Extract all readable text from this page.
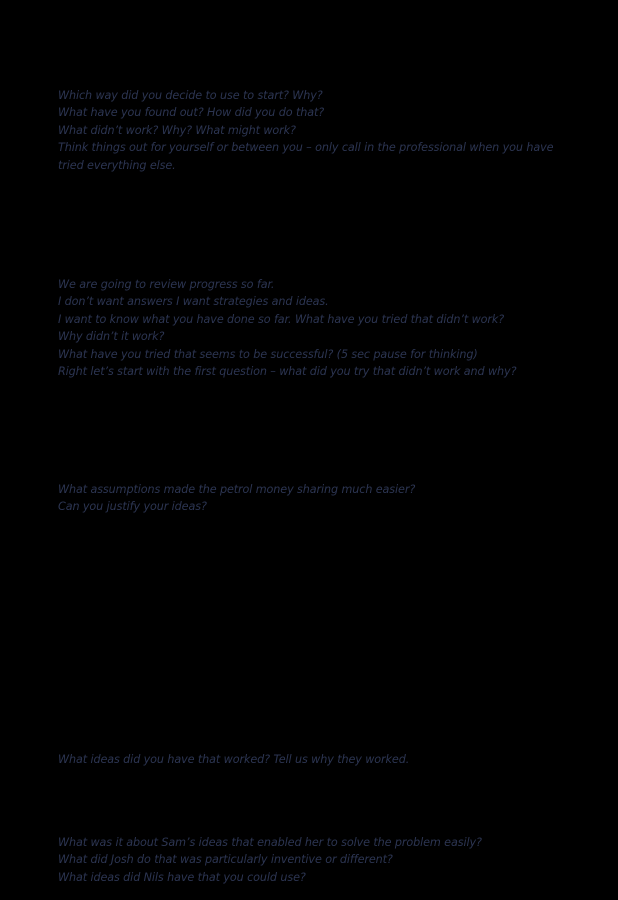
Which way did you decide to use to start? Why?

What have you found out? How did you do that?

What didn’t work? Why? What might work?

Think things out for yourself or between you – only call in the professional when you have

tried everything else.

We are going to review progress so far.

I don’t want answers I want strategies and ideas.

I want to know what you have done so far. What have you tried that didn’t work?

Why didn’t it work?

What have you tried that seems to be successful? (5 sec pause for thinking)

Right let’s start with the first question – what did you try that didn’t work and why?

What assumptions made the petrol money sharing much easier?

Can you justify your ideas?

What ideas did you have that worked? Tell us why they worked.

What was it about Sam’s ideas that enabled her to solve the problem easily?

What did Josh do that was particularly inventive or different?

What ideas did Nils have that you could use?
